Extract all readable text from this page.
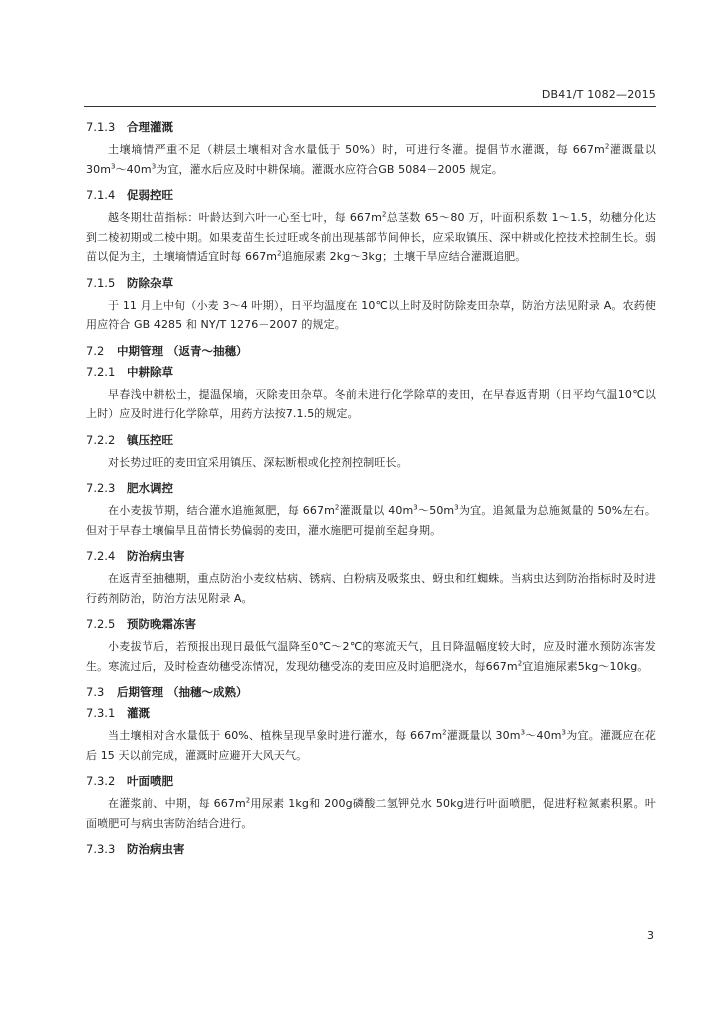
DB41/T 1082—2015
7.1.3 合理灌溉

土壤墒情严重不足（耕层土壤相对含水量低于 50%）时，可进行冬灌。提倡节水灌溉，每 $667m^2$灌溉量以 $30m^3\sim 40m^3$为宜，灌水后应及时中耕保墒。灌溉水应符合GB 5084－2005 规定。

7.1.4 促弱控旺

越冬期壮苗指标：叶龄达到六叶一心至七叶，每 $667m^2$总茎数 65～80 万，叶面积系数 1～1.5，幼穗分化达到二棱初期或二棱中期。如果麦苗生长过旺或冬前出现基部节间伸长，应采取镇压、深中耕或化控技术控制生长。弱苗以促为主，土壤墒情适宜时每 $667m^2$追施尿素 2kg～3kg；土壤干旱应结合灌溉追肥。

7.1.5 防除杂草

于 11 月上中旬（小麦 3～4 叶期），日平均温度在 10℃以上时及时防除麦田杂草，防治方法见附录 A。农药使用应符合 GB 4285 和 NY/T 1276－2007 的规定。

7.2 中期管理 （返青～抽穗）
7.2.1 中耕除草

早春浅中耕松土，提温保墒，灭除麦田杂草。冬前未进行化学除草的麦田，在早春返青期（日平均气温10℃以上时）应及时进行化学除草，用药方法按7.1.5的规定。

7.2.2 镇压控旺

对长势过旺的麦田宜采用镇压、深耘断根或化控剂控制旺长。

7.2.3 肥水调控

在小麦拔节期，结合灌水追施氮肥，每 $667m^2$灌溉量以 $40m^3\sim 50m^3$为宜。追氮量为总施氮量的 50%左右。但对于早春土壤偏旱且苗情长势偏弱的麦田，灌水施肥可提前至起身期。

7.2.4 防治病虫害

在返青至抽穗期，重点防治小麦纹枯病、锈病、白粉病及吸浆虫、蚜虫和红蜘蛛。当病虫达到防治指标时及时进行药剂防治，防治方法见附录 A。

7.2.5 预防晚霜冻害

小麦拔节后，若预报出现日最低气温降至0℃～2℃的寒流天气，且日降温幅度较大时，应及时灌水预防冻害发生。寒流过后，及时检查幼穗受冻情况，发现幼穗受冻的麦田应及时追肥浇水，每$667m^2$宜追施尿素5kg～10kg。

7.3 后期管理 （抽穗～成熟）
7.3.1 灌溉

当土壤相对含水量低于 60%、植株呈现旱象时进行灌水，每 $667m^2$灌溉量以 $30m^3\sim 40m^3$为宜。灌溉应在花后 15 天以前完成，灌溉时应避开大风天气。

7.3.2 叶面喷肥

在灌浆前、中期，每 $667m^2$用尿素 1kg和 200g磷酸二氢钾兑水 50kg进行叶面喷肥，促进籽粒氮素积累。叶面喷肥可与病虫害防治结合进行。

7.3.3 防治病虫害
3
